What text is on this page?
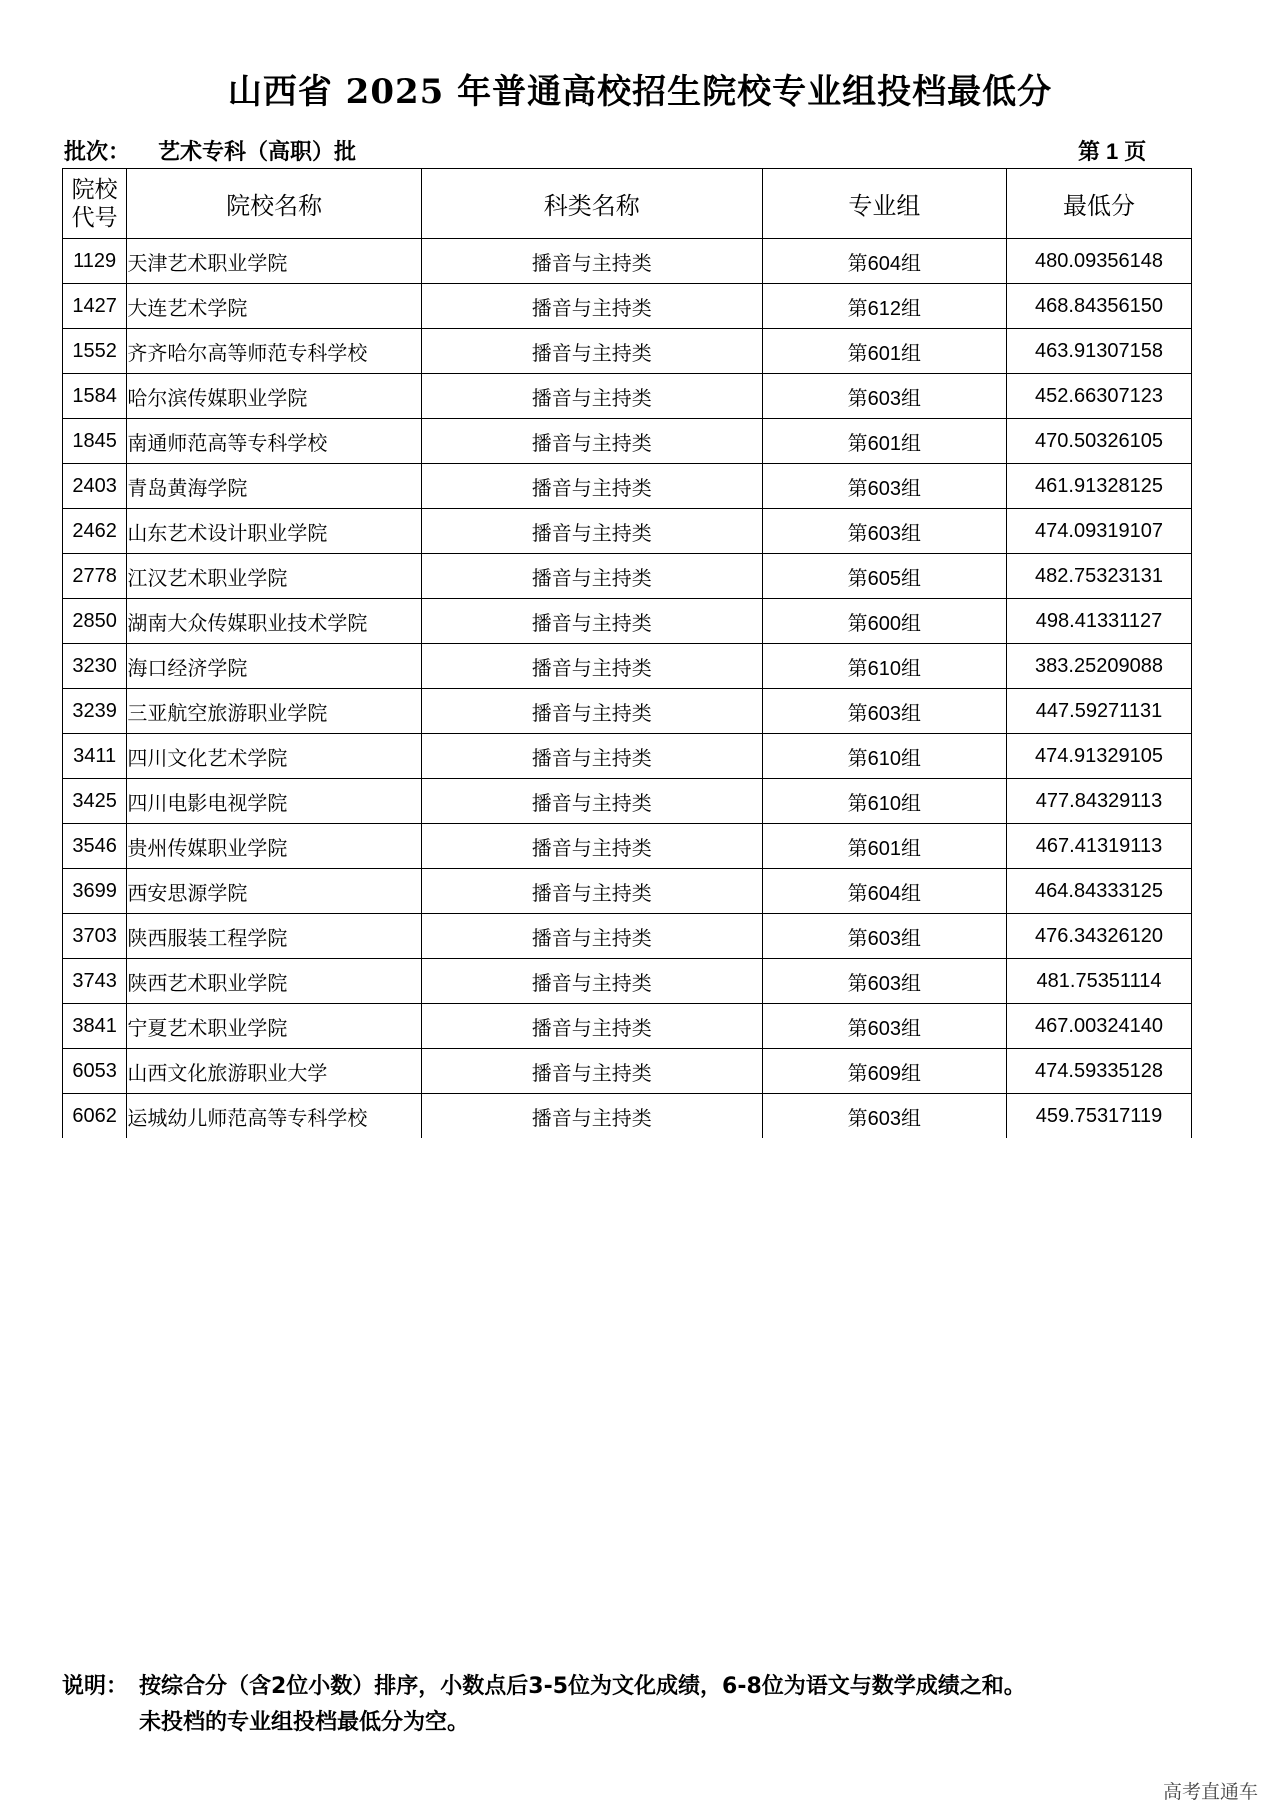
山西省 2025 年普通高校招生院校专业组投档最低分
批次： 艺术专科（高职）批	第 1 页
院校
代号	院校名称	科类名称	专业组	最低分
1129	天津艺术职业学院	播音与主持类	第604组	480.09356148
1427	大连艺术学院	播音与主持类	第612组	468.84356150
1552	齐齐哈尔高等师范专科学校	播音与主持类	第601组	463.91307158
1584	哈尔滨传媒职业学院	播音与主持类	第603组	452.66307123
1845	南通师范高等专科学校	播音与主持类	第601组	470.50326105
2403	青岛黄海学院	播音与主持类	第603组	461.91328125
2462	山东艺术设计职业学院	播音与主持类	第603组	474.09319107
2778	江汉艺术职业学院	播音与主持类	第605组	482.75323131
2850	湖南大众传媒职业技术学院	播音与主持类	第600组	498.41331127
3230	海口经济学院	播音与主持类	第610组	383.25209088
3239	三亚航空旅游职业学院	播音与主持类	第603组	447.59271131
3411	四川文化艺术学院	播音与主持类	第610组	474.91329105
3425	四川电影电视学院	播音与主持类	第610组	477.84329113
3546	贵州传媒职业学院	播音与主持类	第601组	467.41319113
3699	西安思源学院	播音与主持类	第604组	464.84333125
3703	陕西服装工程学院	播音与主持类	第603组	476.34326120
3743	陕西艺术职业学院	播音与主持类	第603组	481.75351114
3841	宁夏艺术职业学院	播音与主持类	第603组	467.00324140
6053	山西文化旅游职业大学	播音与主持类	第609组	474.59335128
6062	运城幼儿师范高等专科学校	播音与主持类	第603组	459.75317119
说明： 按综合分（含2位小数）排序，小数点后3-5位为文化成绩，6-8位为语文与数学成绩之和。
未投档的专业组投档最低分为空。
高考直通车
